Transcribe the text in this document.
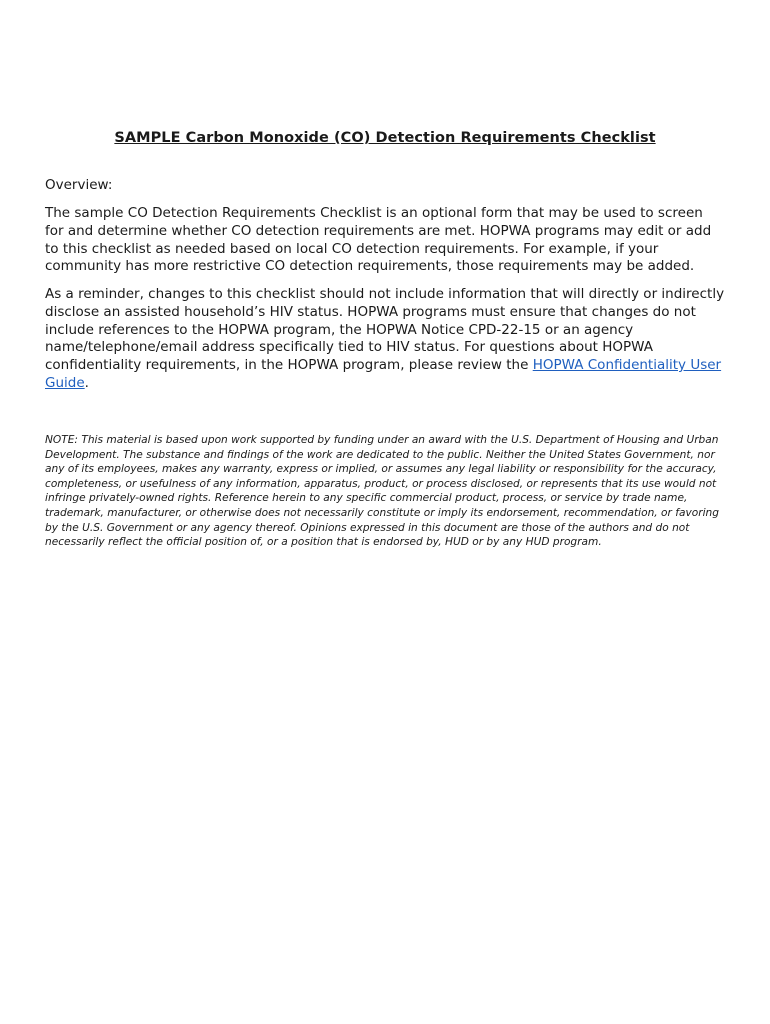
SAMPLE Carbon Monoxide (CO) Detection Requirements Checklist

Overview:

The sample CO Detection Requirements Checklist is an optional form that may be used to screen for and determine whether CO detection requirements are met. HOPWA programs may edit or add to this checklist as needed based on local CO detection requirements. For example, if your community has more restrictive CO detection requirements, those requirements may be added.

As a reminder, changes to this checklist should not include information that will directly or indirectly disclose an assisted household’s HIV status. HOPWA programs must ensure that changes do not include references to the HOPWA program, the HOPWA Notice CPD-22-15 or an agency name/telephone/email address specifically tied to HIV status. For questions about HOPWA confidentiality requirements, in the HOPWA program, please review the HOPWA Confidentiality User Guide.

NOTE: This material is based upon work supported by funding under an award with the U.S. Department of Housing and Urban Development. The substance and findings of the work are dedicated to the public. Neither the United States Government, nor any of its employees, makes any warranty, express or implied, or assumes any legal liability or responsibility for the accuracy, completeness, or usefulness of any information, apparatus, product, or process disclosed, or represents that its use would not infringe privately-owned rights. Reference herein to any specific commercial product, process, or service by trade name, trademark, manufacturer, or otherwise does not necessarily constitute or imply its endorsement, recommendation, or favoring by the U.S. Government or any agency thereof. Opinions expressed in this document are those of the authors and do not necessarily reflect the official position of, or a position that is endorsed by, HUD or by any HUD program.
